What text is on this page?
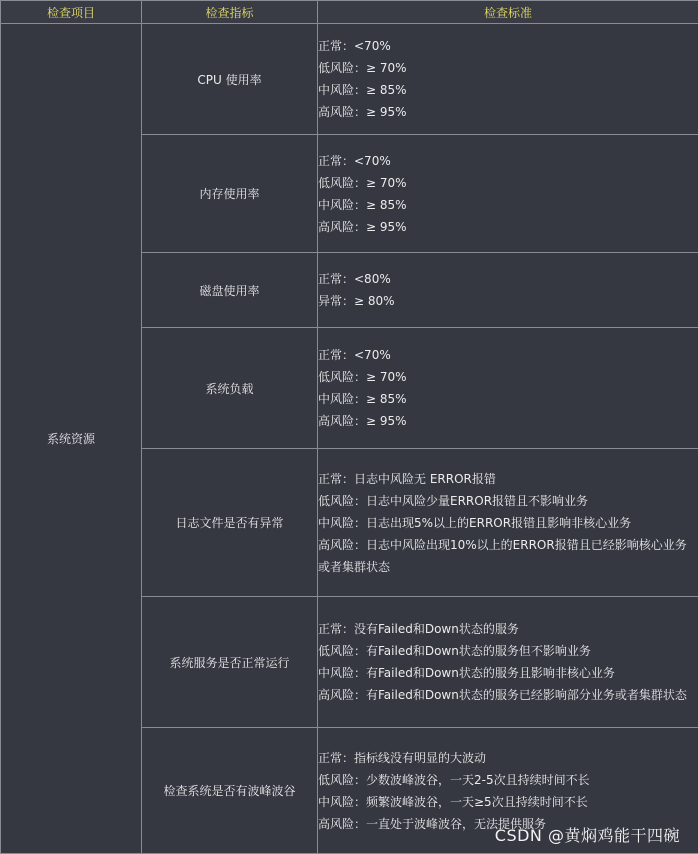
检查项目	检查指标	检查标准
系统资源	CPU 使用率	正常：<70%
低风险：≥ 70%
中风险：≥ 85%
高风险：≥ 95%

	内存使用率	正常：<70%
低风险：≥ 70%
中风险：≥ 85%
高风险：≥ 95%

	磁盘使用率	正常：<80%
异常：≥ 80%

	系统负载	正常：<70%
低风险：≥ 70%
中风险：≥ 85%
高风险：≥ 95%

	日志文件是否有异常	正常：日志中风险无 ERROR报错
低风险：日志中风险少量ERROR报错且不影响业务
中风险：日志出现5%以上的ERROR报错且影响非核心业务
高风险：日志中风险出现10%以上的ERROR报错且已经影响核心业务或者集群状态

	系统服务是否正常运行	正常：没有Failed和Down状态的服务
低风险：有Failed和Down状态的服务但不影响业务
中风险：有Failed和Down状态的服务且影响非核心业务
高风险：有Failed和Down状态的服务已经影响部分业务或者集群状态

	检查系统是否有波峰波谷	正常：指标线没有明显的大波动
低风险：少数波峰波谷，一天2-5次且持续时间不长
中风险：频繁波峰波谷，一天≥5次且持续时间不长
高风险：一直处于波峰波谷，无法提供服务
CSDN @黄焖鸡能干四碗
